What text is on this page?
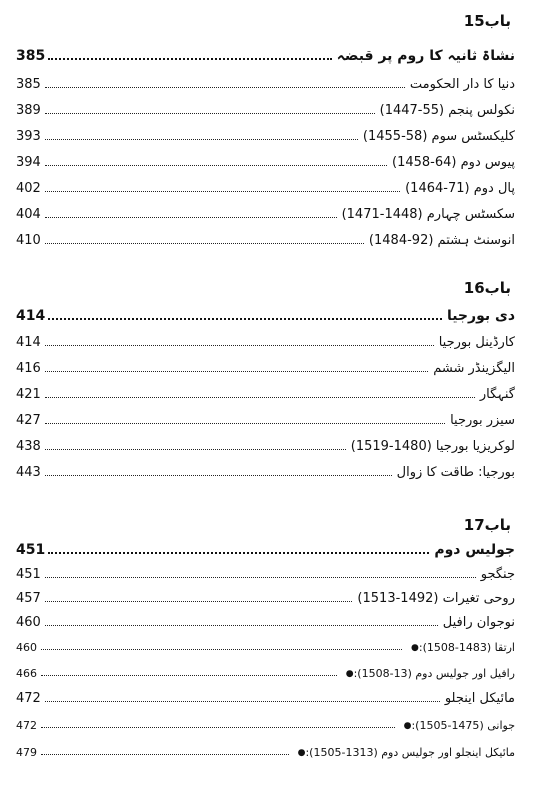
باب15
نشاۃ ثانیہ کا روم پر قبضہ
385
دنیا کا دار الحکومت
385
نکولس پنجم (55-1447)
389
کلیکسٹس سوم (58-1455)
393
پیوس دوم (64-1458)
394
پال دوم (71-1464)
402
سکسٹس چہارم (1448-1471)
404
انوسنٹ ہشتم (92-1484)
410
باب16
دی بورجیا
414
کارڈینل بورجیا
414
الیگزینڈر ششم
416
گنہگار
421
سیزر بورجیا
427
لوکریزیا بورجیا (1480-1519)
438
بورجیا: طاقت کا زوال
443
باب17
جولیس دوم
451
جنگجو
451
روحی تغیرات (1492-1513)
457
نوجوان رافیل
460
● ارتقا (1483-1508):
460
● رافیل اور جولیس دوم (13-1508):
466
مائیکل اینجلو
472
● جوانی (1475-1505):
472
● مائیکل اینجلو اور جولیس دوم (1313-1505):
479
